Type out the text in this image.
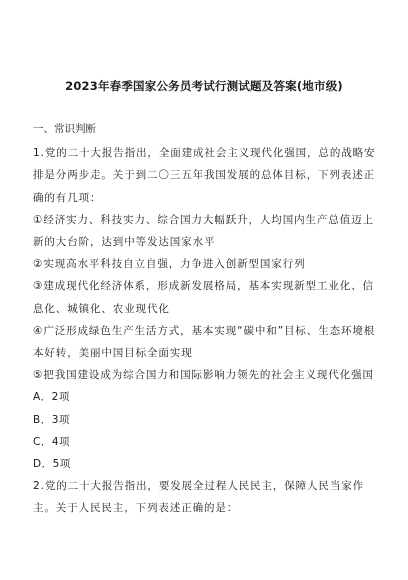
2023年春季国家公务员考试行测试题及答案(地市级)

一、常识判断

1.党的二十大报告指出，全面建成社会主义现代化强国，总的战略安排是分两步走。关于到二〇三五年我国发展的总体目标，下列表述正确的有几项：

①经济实力、科技实力、综合国力大幅跃升，人均国内生产总值迈上新的大台阶，达到中等发达国家水平

②实现高水平科技自立自强，力争进入创新型国家行列

③建成现代化经济体系，形成新发展格局，基本实现新型工业化、信息化、城镇化、农业现代化

④广泛形成绿色生产生活方式，基本实现“碳中和”目标、生态环境根本好转，美丽中国目标全面实现

⑤把我国建设成为综合国力和国际影响力领先的社会主义现代化强国

A．2项

B．3项

C．4项

D．5项

2.党的二十大报告指出，要发展全过程人民民主，保障人民当家作主。关于人民民主，下列表述正确的是：
